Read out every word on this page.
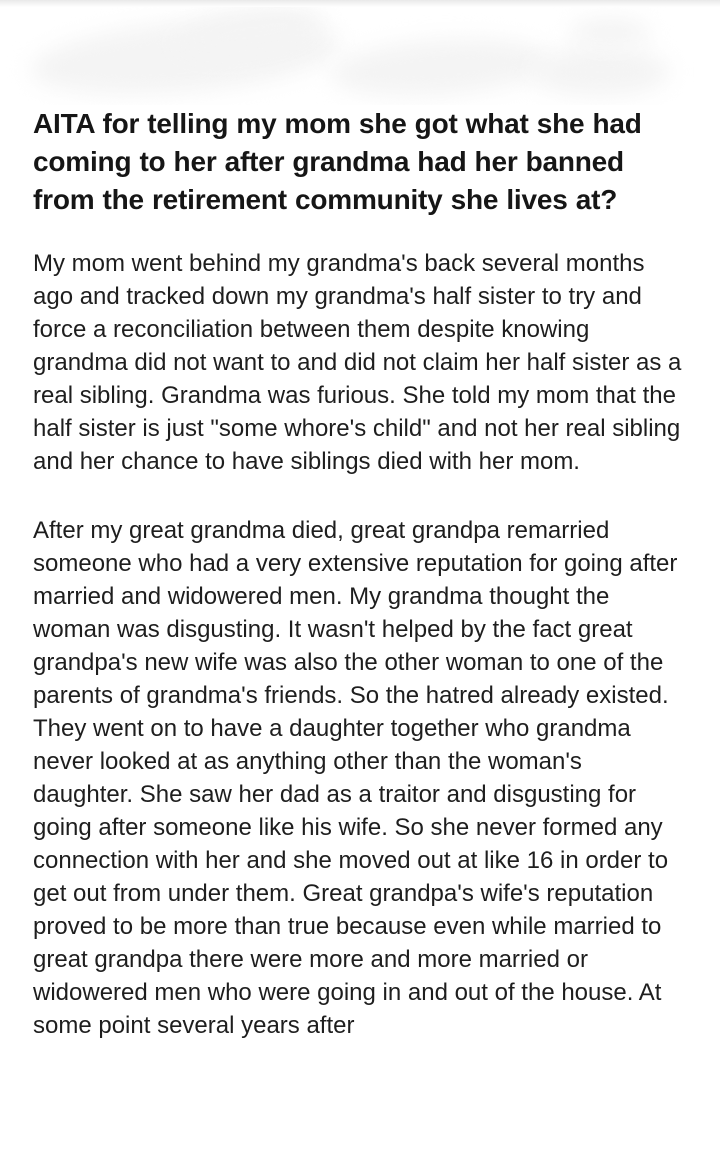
AITA for telling my mom she got what she had coming to her after grandma had her banned from the retirement community she lives at?

My mom went behind my grandma's back several months ago and tracked down my grandma's half sister to try and force a reconciliation between them despite knowing grandma did not want to and did not claim her half sister as a real sibling. Grandma was furious. She told my mom that the half sister is just "some whore's child" and not her real sibling and her chance to have siblings died with her mom.

After my great grandma died, great grandpa remarried someone who had a very extensive reputation for going after married and widowered men. My grandma thought the woman was disgusting. It wasn't helped by the fact great grandpa's new wife was also the other woman to one of the parents of grandma's friends. So the hatred already existed. They went on to have a daughter together who grandma never looked at as anything other than the woman's daughter. She saw her dad as a traitor and disgusting for going after someone like his wife. So she never formed any connection with her and she moved out at like 16 in order to get out from under them. Great grandpa's wife's reputation proved to be more than true because even while married to great grandpa there were more and more married or widowered men who were going in and out of the house. At some point several years after
